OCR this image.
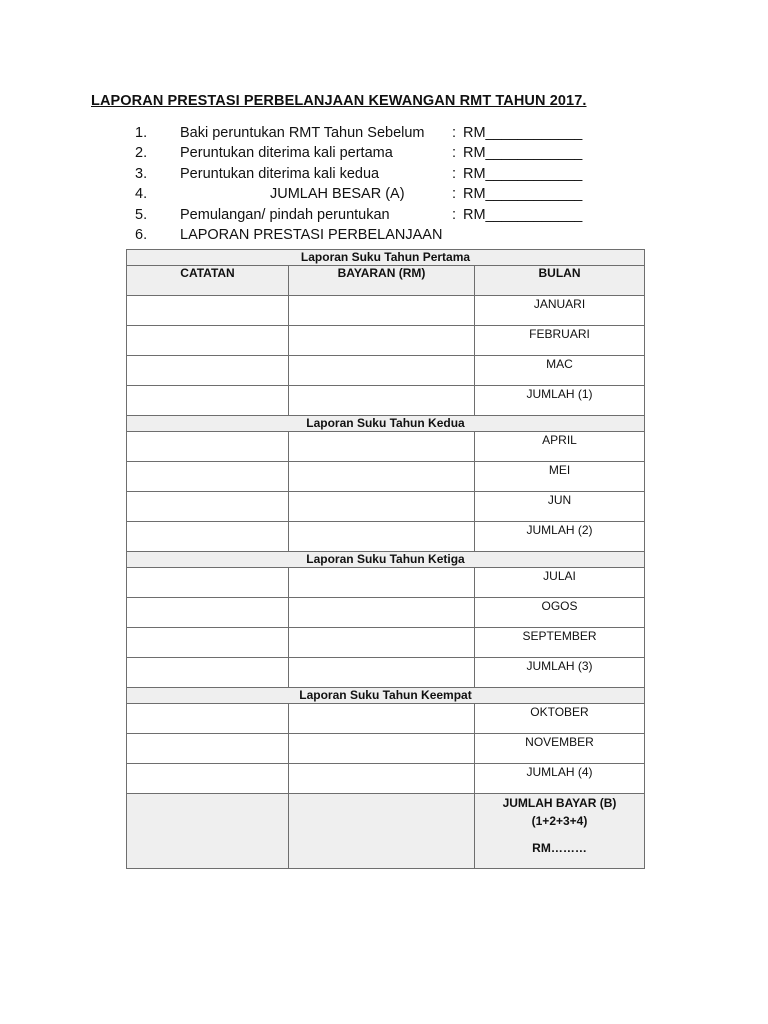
LAPORAN PRESTASI PERBELANJAAN KEWANGAN RMT TAHUN 2017.
1. Baki peruntukan RMT Tahun Sebelum : RM____________
2. Peruntukan diterima kali pertama	: RM____________
3. Peruntukan diterima kali kedua	: RM____________
4.	JUMLAH BESAR (A)	: RM____________
5. Pemulangan/ pindah peruntukan	: RM____________
6. LAPORAN PRESTASI PERBELANJAAN
Laporan Suku Tahun Pertama		
CATATAN	BAYARAN (RM)	BULAN
		JANUARI
		FEBRUARI
		MAC
		JUMLAH (1)
Laporan Suku Tahun Kedua		
		APRIL
		MEI
		JUN
		JUMLAH (2)
Laporan Suku Tahun Ketiga		
		JULAI
		OGOS
		SEPTEMBER
		JUMLAH (3)
Laporan Suku Tahun Keempat		
		OKTOBER
		NOVEMBER
		JUMLAH (4)

		JUMLAH BAYAR (B)
(1+2+3+4)
RM………
